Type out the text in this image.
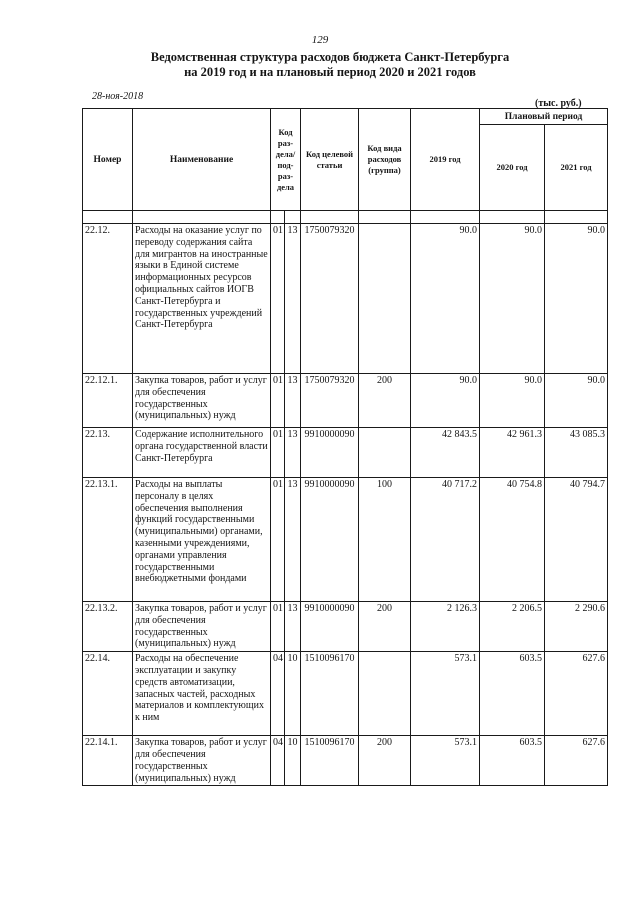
129
Ведомственная структура расходов бюджета Санкт-Петербурга
на 2019 год и на плановый период 2020 и 2021 годов
28-ноя-2018
(тыс. руб.)
Номер	Наименование	Код раз- дела/ под- раз- дела		Код целевой статьи	Код вида расходов (группа)	2019 год	Плановый период	
							2020 год	2021 год

22.12.	Расходы на оказание услуг по переводу содержания сайта для мигрантов на иностранные языки в Единой системе информационных ресурсов официальных сайтов ИОГВ Санкт-Петербурга и государственных учреждений Санкт-Петербурга	01	13	1750079320		90.0	90.0	90.0
22.12.1.	Закупка товаров, работ и услуг для обеспечения государственных (муниципальных) нужд	01	13	1750079320	200	90.0	90.0	90.0
22.13.	Содержание исполнительного органа государственной власти Санкт-Петербурга	01	13	9910000090		42 843.5	42 961.3	43 085.3
22.13.1.	Расходы на выплаты персоналу в целях обеспечения выполнения функций государственными (муниципальными) органами, казенными учреждениями, органами управления государственными внебюджетными фондами	01	13	9910000090	100	40 717.2	40 754.8	40 794.7
22.13.2.	Закупка товаров, работ и услуг для обеспечения государственных (муниципальных) нужд	01	13	9910000090	200	2 126.3	2 206.5	2 290.6
22.14.	Расходы на обеспечение эксплуатации и закупку средств автоматизации, запасных частей, расходных материалов и комплектующих к ним	04	10	1510096170		573.1	603.5	627.6
22.14.1.	Закупка товаров, работ и услуг для обеспечения государственных (муниципальных) нужд	04	10	1510096170	200	573.1	603.5	627.6
